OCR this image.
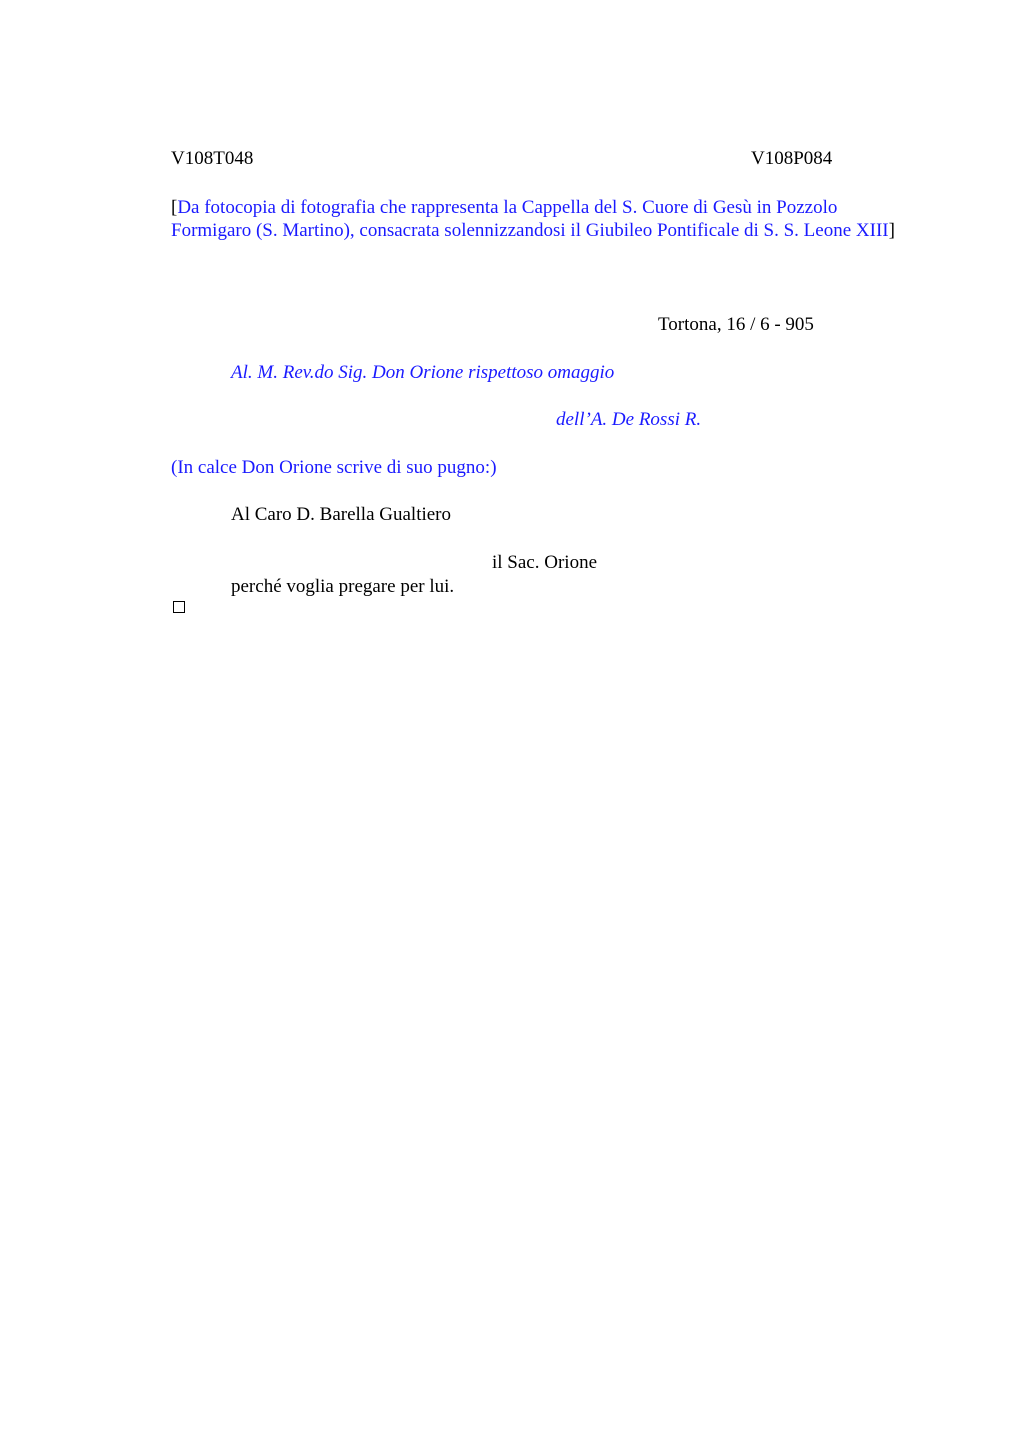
V108T048	V108P084
[Da fotocopia di fotografia che rappresenta la Cappella del S. Cuore di Gesù in Pozzolo Formigaro (S. Martino), consacrata solennizzandosi il Giubileo Pontificale di S. S. Leone XIII]
Tortona, 16 / 6 - 905
Al. M. Rev.do Sig. Don Orione rispettoso omaggio
dell’A. De Rossi R.
(In calce Don Orione scrive di suo pugno:)
Al Caro D. Barella Gualtiero
il Sac. Orione
perché voglia pregare per lui.
